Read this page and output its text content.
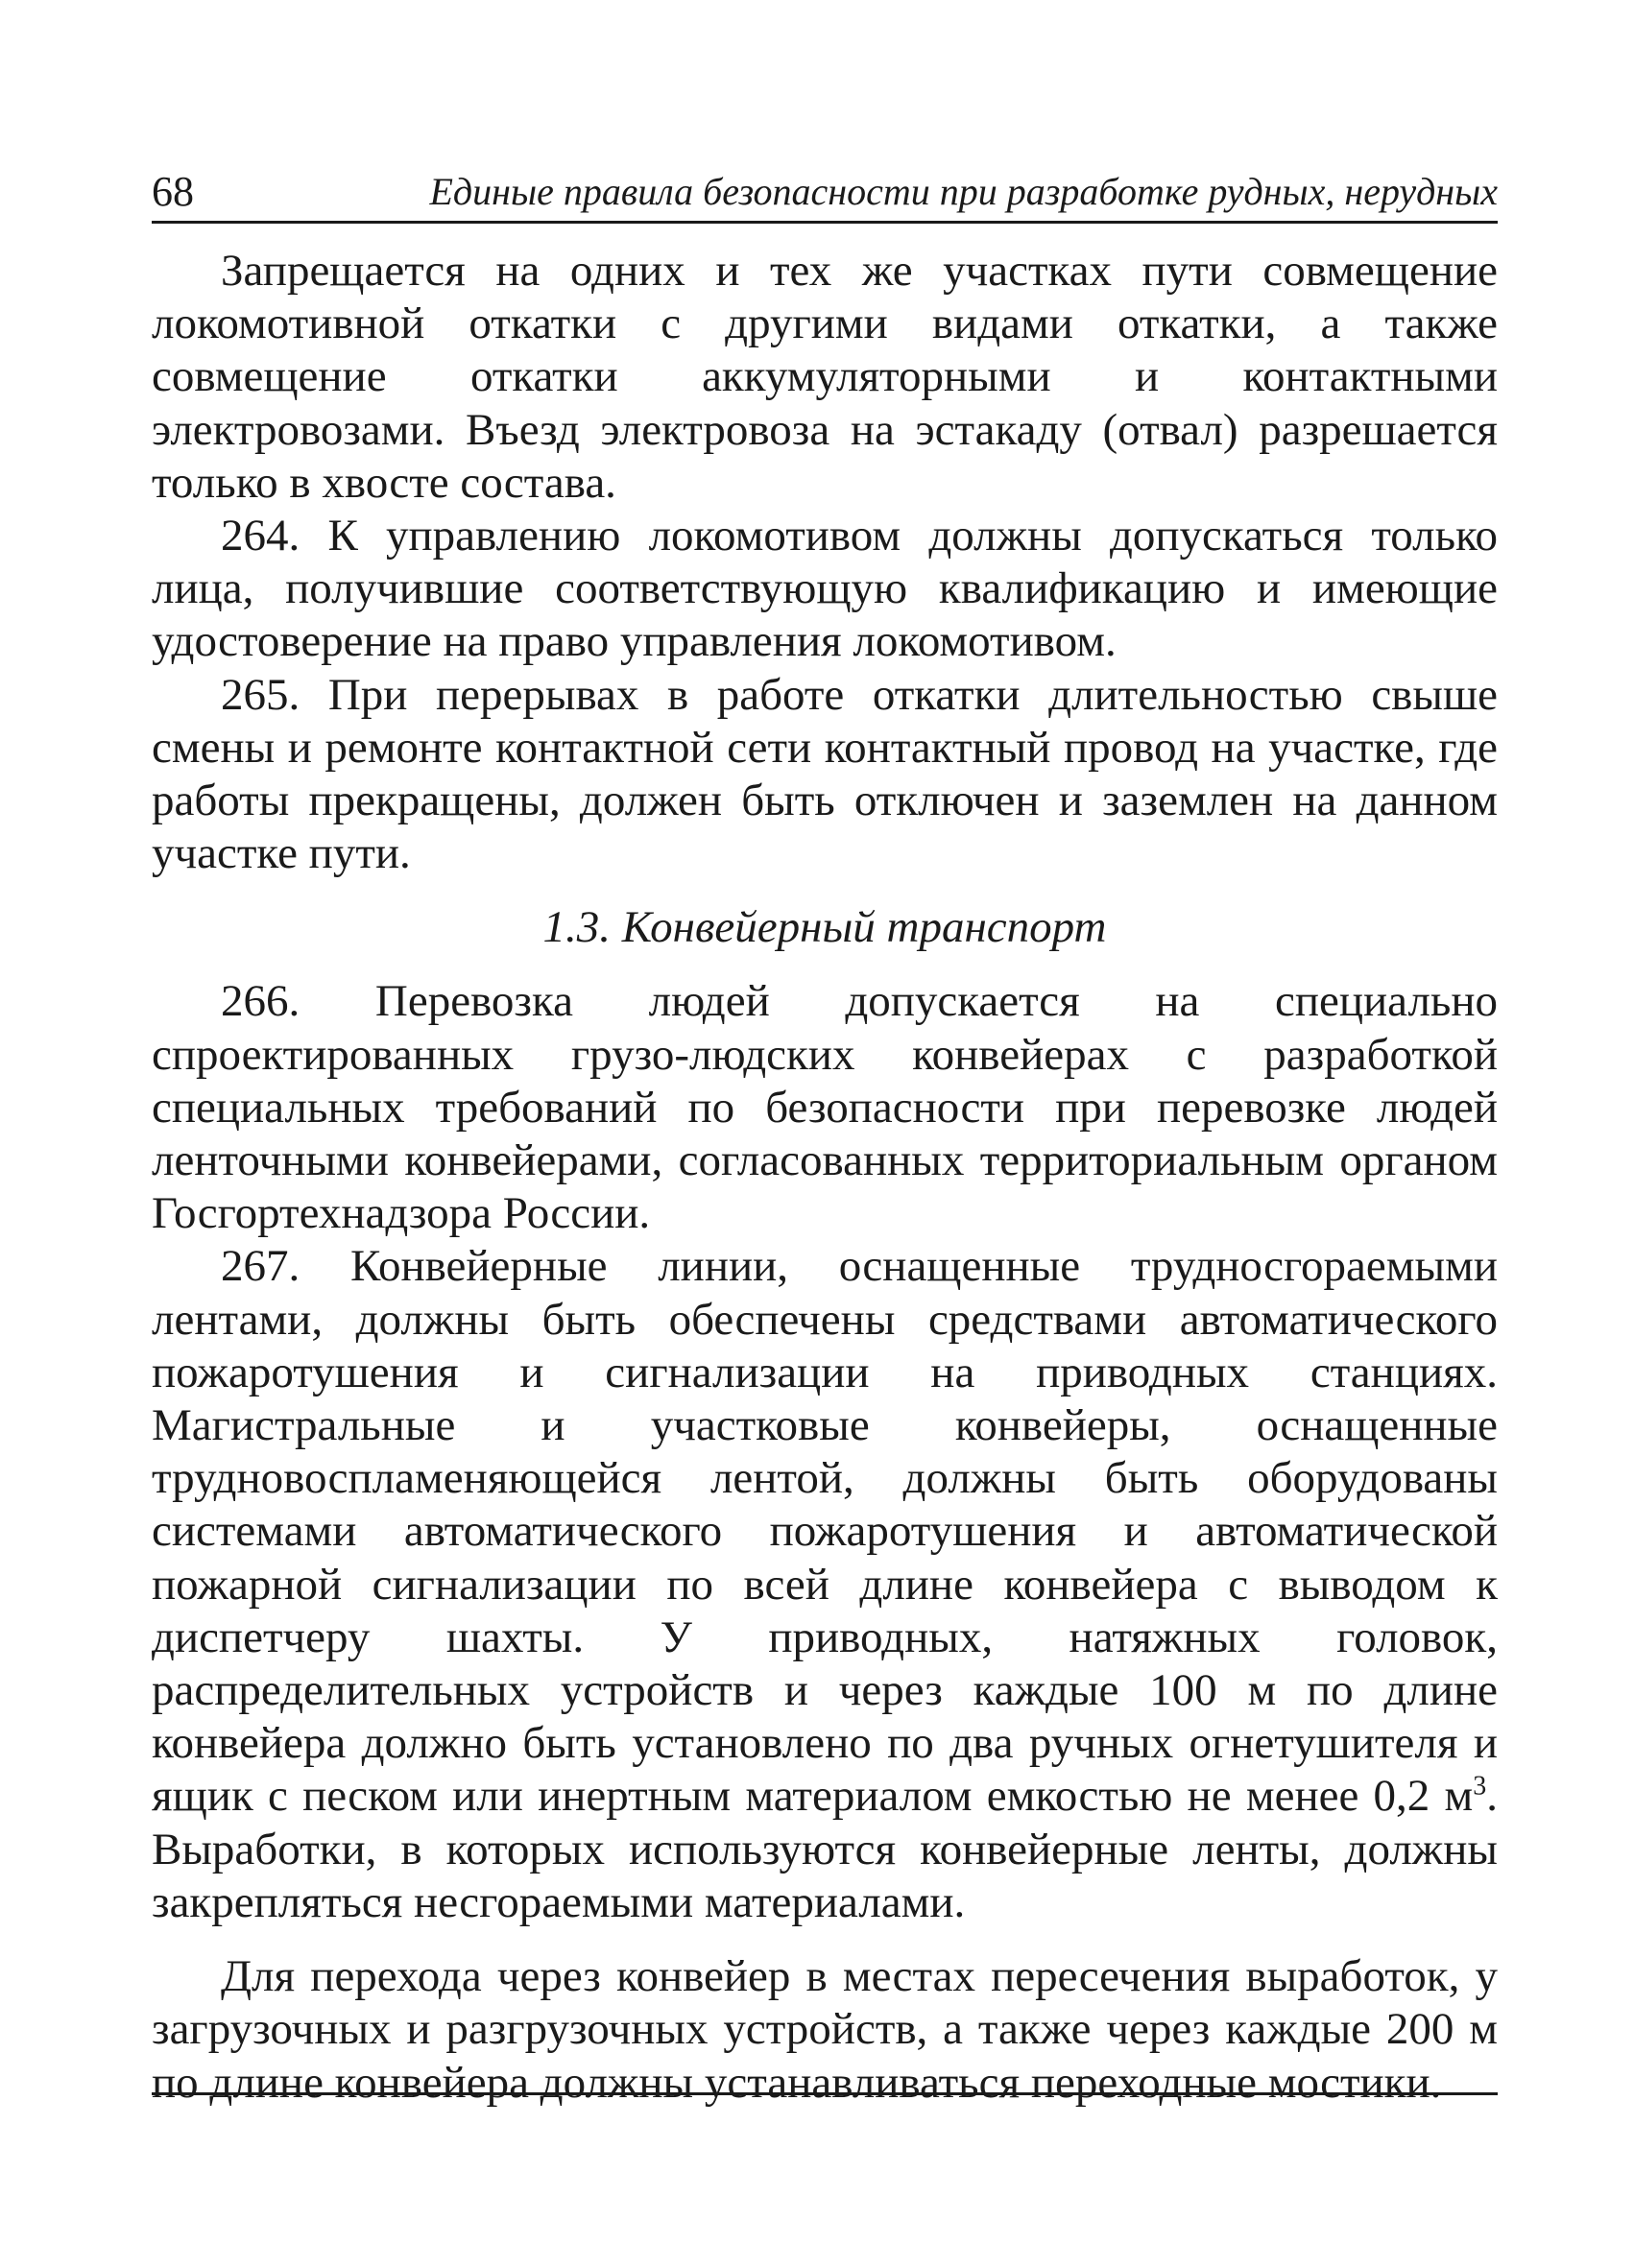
68	Единые правила безопасности при разработке рудных, нерудных

Запрещается на одних и тех же участках пути совмещение локомотивной откатки с другими видами откатки, а также совмещение откатки аккумуляторными и контактными электровозами. Въезд электровоза на эстакаду (отвал) разрешается только в хвосте состава.

264. К управлению локомотивом должны допускаться только лица, получившие соответствующую квалификацию и имеющие удостоверение на право управления локомотивом.

265. При перерывах в работе откатки длительностью свыше смены и ремонте контактной сети контактный провод на участке, где работы прекращены, должен быть отключен и заземлен на данном участке пути.

1.3. Конвейерный транспорт

266. Перевозка людей допускается на специально спроектированных грузо-людских конвейерах с разработкой специальных требований по безопасности при перевозке людей ленточными конвейерами, согласованных территориальным органом Госгортехнадзора России.

267. Конвейерные линии, оснащенные трудносгораемыми лентами, должны быть обеспечены средствами автоматического пожаротушения и сигнализации на приводных станциях. Магистральные и участковые конвейеры, оснащенные трудновоспламеняющейся лентой, должны быть оборудованы системами автоматического пожаротушения и автоматической пожарной сигнализации по всей длине конвейера с выводом к диспетчеру шахты. У приводных, натяжных головок, распределительных устройств и через каждые 100 м по длине конвейера должно быть установлено по два ручных огнетушителя и ящик с песком или инертным материалом емкостью не менее 0,2 $м^3$. Выработки, в которых используются конвейерные ленты, должны закрепляться несгораемыми материалами.

Для перехода через конвейер в местах пересечения выработок, у загрузочных и разгрузочных устройств, а также через каждые 200 м по длине конвейера должны устанавливаться переходные мостики.
